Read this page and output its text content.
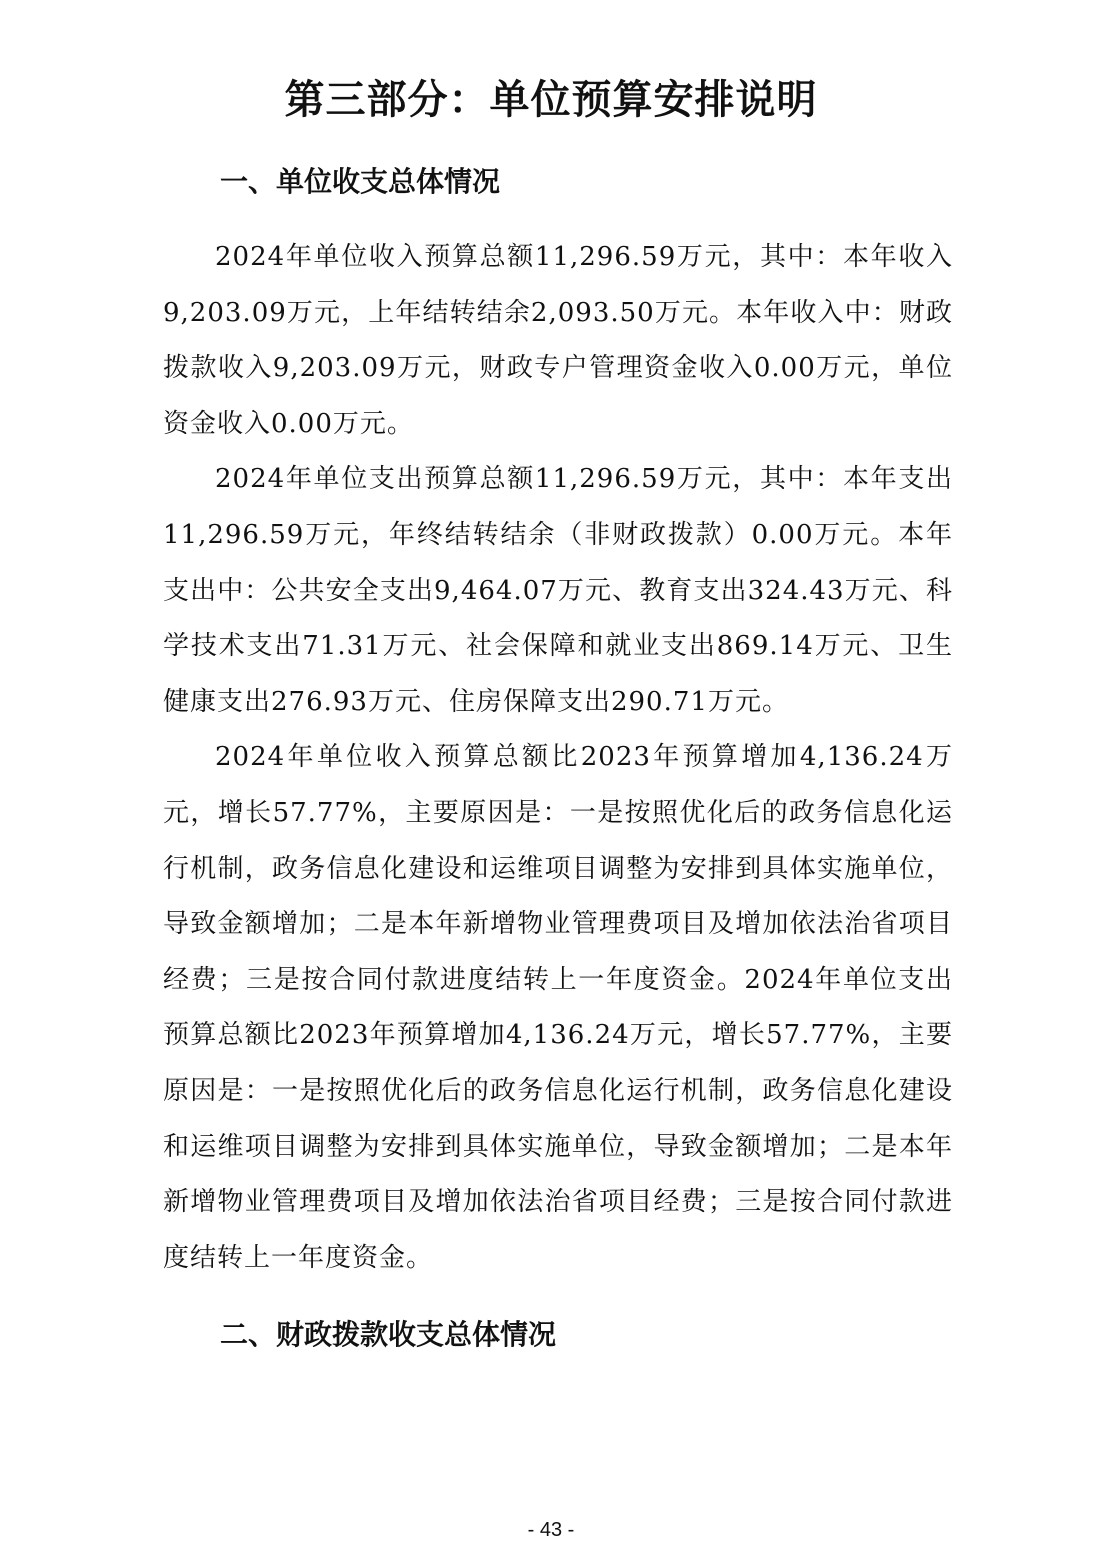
第三部分：单位预算安排说明
一、单位收支总体情况

2024年单位收入预算总额11,296.59万元，其中：本年收入9,203.09万元，上年结转结余2,093.50万元。本年收入中：财政拨款收入9,203.09万元，财政专户管理资金收入0.00万元，单位资金收入0.00万元。

2024年单位支出预算总额11,296.59万元，其中：本年支出11,296.59万元，年终结转结余（非财政拨款）0.00万元。本年支出中：公共安全支出9,464.07万元、教育支出324.43万元、科学技术支出71.31万元、社会保障和就业支出869.14万元、卫生健康支出276.93万元、住房保障支出290.71万元。

2024年单位收入预算总额比2023年预算增加4,136.24万元，增长57.77%，主要原因是：一是按照优化后的政务信息化运行机制，政务信息化建设和运维项目调整为安排到具体实施单位，导致金额增加；二是本年新增物业管理费项目及增加依法治省项目经费；三是按合同付款进度结转上一年度资金。2024年单位支出预算总额比2023年预算增加4,136.24万元，增长57.77%，主要原因是：一是按照优化后的政务信息化运行机制，政务信息化建设和运维项目调整为安排到具体实施单位，导致金额增加；二是本年新增物业管理费项目及增加依法治省项目经费；三是按合同付款进度结转上一年度资金。

二、财政拨款收支总体情况
- 43 -
